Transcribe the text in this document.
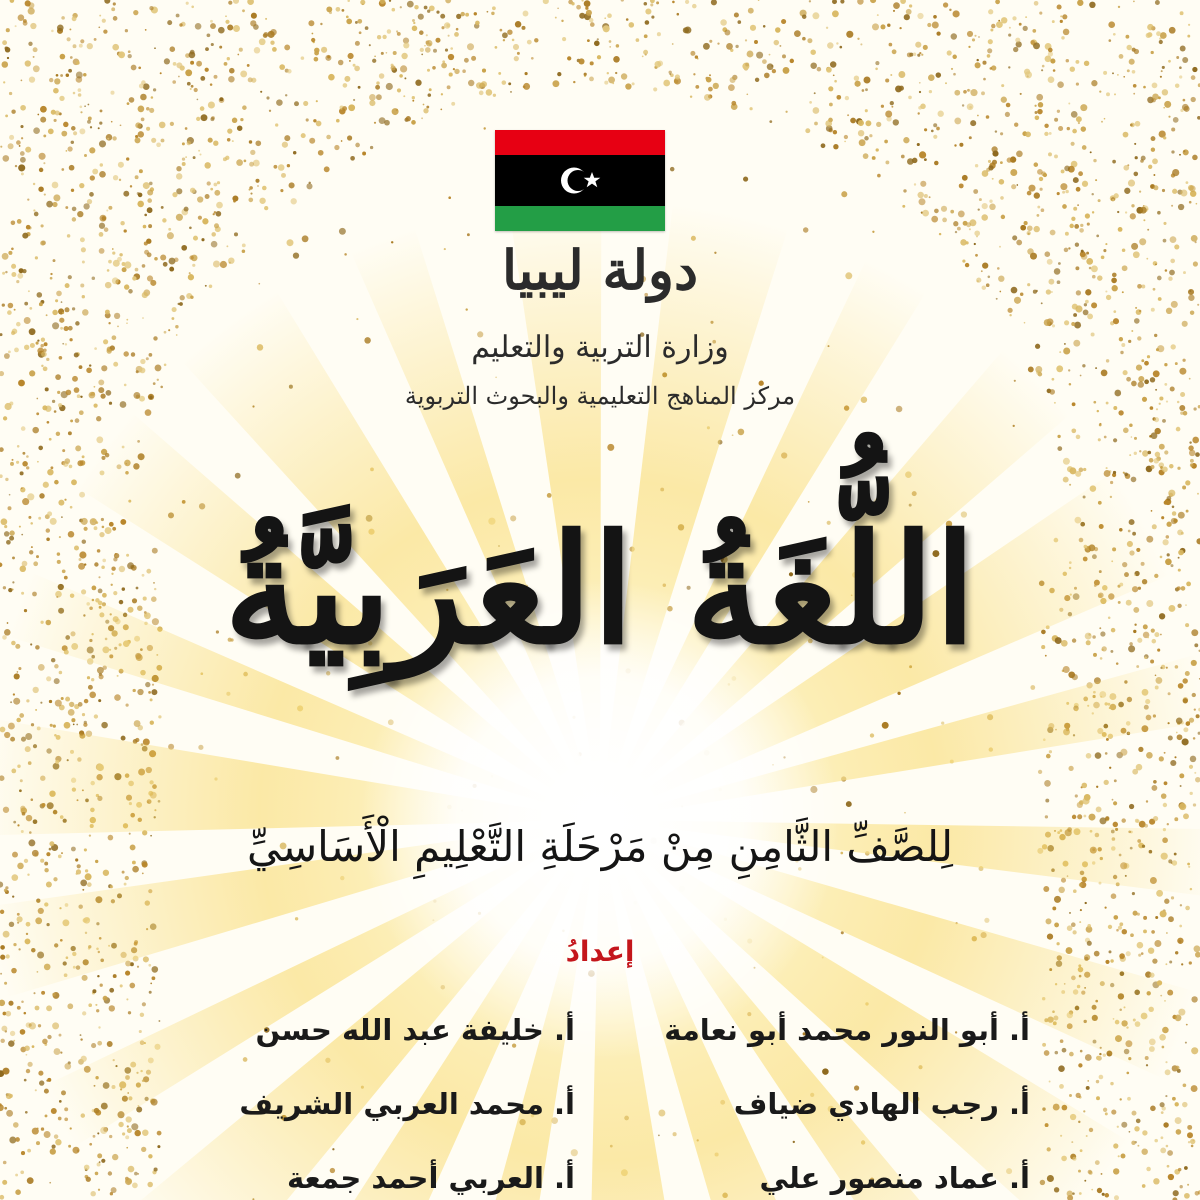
دولة ليبيا
وزارة التربية والتعليم
مركز المناهج التعليمية والبحوث التربوية
اللُّغَةُ العَرَبِيَّةُ
لِلصَّفِّ الثَّامِنِ مِنْ مَرْحَلَةِ التَّعْلِيمِ الْأَسَاسِيِّ
إعدادُ
أ. أبو النور محمد أبو نعامة
أ. خليفة عبد الله حسن
أ. رجب الهادي ضياف
أ. محمد العربي الشريف
أ. عماد منصور علي
أ. العربي أحمد جمعة
